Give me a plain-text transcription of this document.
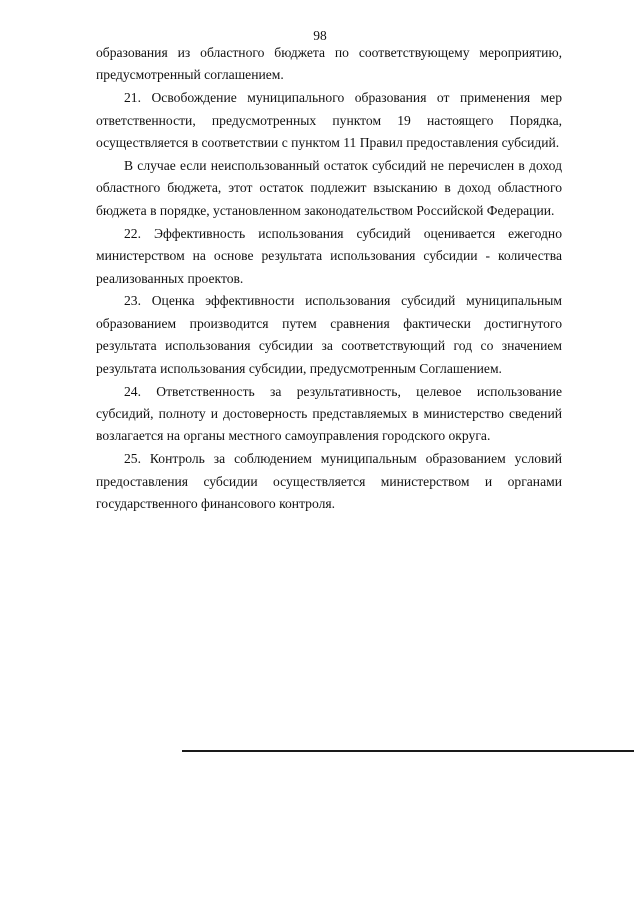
98

образования из областного бюджета по соответствующему мероприятию, предусмотренный соглашением.

21. Освобождение муниципального образования от применения мер ответственности, предусмотренных пунктом 19 настоящего Порядка, осуществляется в соответствии с пунктом 11 Правил предоставления субсидий.

В случае если неиспользованный остаток субсидий не перечислен в доход областного бюджета, этот остаток подлежит взысканию в доход областного бюджета в порядке, установленном законодательством Российской Федерации.

22. Эффективность использования субсидий оценивается ежегодно министерством на основе результата использования субсидии - количества реализованных проектов.

23. Оценка эффективности использования субсидий муниципальным образованием производится путем сравнения фактически достигнутого результата использования субсидии за соответствующий год со значением результата использования субсидии, предусмотренным Соглашением.

24. Ответственность за результативность, целевое использование субсидий, полноту и достоверность представляемых в министерство сведений возлагается на органы местного самоуправления городского округа.

25. Контроль за соблюдением муниципальным образованием условий предоставления субсидии осуществляется министерством и органами государственного финансового контроля.
